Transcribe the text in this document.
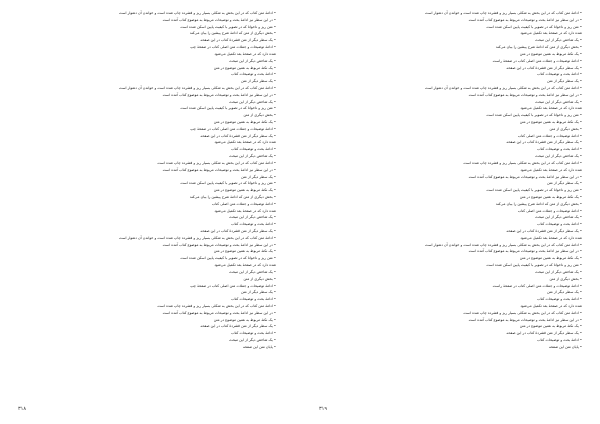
• ادامهٔ متن کتاب که در این بخش به شکلی بسیار ریز و فشرده چاپ شده است و خواندن آن دشوار است
• در این سطر نیز ادامهٔ بحث و توضیحات مربوط به موضوع کتاب آمده است
• متن ریز و ناخوانا که در تصویر با کیفیت پایین اسکن شده است
• بخش دیگری از متن که ادامهٔ شرح پیشین را بیان می‌کند
• یک سطر دیگر از متن فشردهٔ کتاب در این صفحه
• ادامهٔ توضیحات و جملات متن اصلی کتاب در صفحهٔ چپ
شده دارد که در صفحهٔ بعد تکمیل می‌شود
• یک شاخص دیگر از این مبحث
• یک نکتهٔ مربوط به همین موضوع در متن
• ادامهٔ بحث و توضیحات کتاب
• یک سطر دیگر از متن
• ادامهٔ متن کتاب که در این بخش به شکلی بسیار ریز و فشرده چاپ شده است و خواندن آن دشوار است
• در این سطر نیز ادامهٔ بحث و توضیحات مربوط به موضوع کتاب آمده است
• یک شاخص دیگر از این مبحث
• متن ریز و ناخوانا که در تصویر با کیفیت پایین اسکن شده است
• بخش دیگری از متن
• یک نکتهٔ مربوط به همین موضوع در متن
• ادامهٔ توضیحات و جملات متن اصلی کتاب در صفحهٔ چپ
• یک سطر دیگر از متن فشردهٔ کتاب در این صفحه
شده دارد که در صفحهٔ بعد تکمیل می‌شود
• ادامهٔ بحث و توضیحات کتاب
• یک شاخص دیگر از این مبحث
• ادامهٔ متن کتاب که در این بخش به شکلی بسیار ریز و فشرده چاپ شده است
• در این سطر نیز ادامهٔ بحث و توضیحات مربوط به موضوع کتاب آمده است
• یک سطر دیگر از متن
• متن ریز و ناخوانا که در تصویر با کیفیت پایین اسکن شده است
• یک نکتهٔ مربوط به همین موضوع در متن
• بخش دیگری از متن که ادامهٔ شرح پیشین را بیان می‌کند
• ادامهٔ توضیحات و جملات متن اصلی کتاب
شده دارد که در صفحهٔ بعد تکمیل می‌شود
• یک شاخص دیگر از این مبحث
• ادامهٔ بحث و توضیحات کتاب
• یک سطر دیگر از متن فشردهٔ کتاب در این صفحه
• ادامهٔ متن کتاب که در این بخش به شکلی بسیار ریز و فشرده چاپ شده است و خواندن آن دشوار است
• در این سطر نیز ادامهٔ بحث و توضیحات مربوط به موضوع کتاب آمده است
• یک نکتهٔ مربوط به همین موضوع در متن
• متن ریز و ناخوانا که در تصویر با کیفیت پایین اسکن شده است
شده دارد که در صفحهٔ بعد تکمیل می‌شود
• یک شاخص دیگر از این مبحث
• بخش دیگری از متن
• ادامهٔ توضیحات و جملات متن اصلی کتاب در صفحهٔ چپ
• یک سطر دیگر از متن
• ادامهٔ بحث و توضیحات کتاب
• ادامهٔ متن کتاب که در این بخش به شکلی بسیار ریز و فشرده چاپ شده است
• در این سطر نیز ادامهٔ بحث و توضیحات مربوط به موضوع کتاب آمده است
• یک نکتهٔ مربوط به همین موضوع در متن
• یک سطر دیگر از متن فشردهٔ کتاب در این صفحه
• ادامهٔ بحث و توضیحات کتاب
• یک شاخص دیگر از این مبحث
• پایان متن این صفحه
۳۱۸
• ادامهٔ متن کتاب که در این بخش به شکلی بسیار ریز و فشرده چاپ شده است و خواندن آن دشوار است
• در این سطر نیز ادامهٔ بحث و توضیحات مربوط به موضوع کتاب آمده است
• متن ریز و ناخوانا که در تصویر با کیفیت پایین اسکن شده است
شده دارد که در صفحهٔ بعد تکمیل می‌شود
• یک شاخص دیگر از این مبحث
• بخش دیگری از متن که ادامهٔ شرح پیشین را بیان می‌کند
• یک نکتهٔ مربوط به همین موضوع در متن
• ادامهٔ توضیحات و جملات متن اصلی کتاب در صفحهٔ راست
• یک سطر دیگر از متن فشردهٔ کتاب در این صفحه
• ادامهٔ بحث و توضیحات کتاب
• یک سطر دیگر از متن
• ادامهٔ متن کتاب که در این بخش به شکلی بسیار ریز و فشرده چاپ شده است و خواندن آن دشوار است
• در این سطر نیز ادامهٔ بحث و توضیحات مربوط به موضوع کتاب آمده است
• یک شاخص دیگر از این مبحث
شده دارد که در صفحهٔ بعد تکمیل می‌شود
• متن ریز و ناخوانا که در تصویر با کیفیت پایین اسکن شده است
• یک نکتهٔ مربوط به همین موضوع در متن
• بخش دیگری از متن
• ادامهٔ توضیحات و جملات متن اصلی کتاب
• یک سطر دیگر از متن فشردهٔ کتاب در این صفحه
• ادامهٔ بحث و توضیحات کتاب
• یک شاخص دیگر از این مبحث
• ادامهٔ متن کتاب که در این بخش به شکلی بسیار ریز و فشرده چاپ شده است
شده دارد که در صفحهٔ بعد تکمیل می‌شود
• در این سطر نیز ادامهٔ بحث و توضیحات مربوط به موضوع کتاب آمده است
• یک سطر دیگر از متن
• متن ریز و ناخوانا که در تصویر با کیفیت پایین اسکن شده است
• یک نکتهٔ مربوط به همین موضوع در متن
• بخش دیگری از متن که ادامهٔ شرح پیشین را بیان می‌کند
• ادامهٔ توضیحات و جملات متن اصلی کتاب
• یک شاخص دیگر از این مبحث
• ادامهٔ بحث و توضیحات کتاب
• یک سطر دیگر از متن فشردهٔ کتاب در این صفحه
شده دارد که در صفحهٔ بعد تکمیل می‌شود
• ادامهٔ متن کتاب که در این بخش به شکلی بسیار ریز و فشرده چاپ شده است و خواندن آن دشوار است
• در این سطر نیز ادامهٔ بحث و توضیحات مربوط به موضوع کتاب آمده است
• یک نکتهٔ مربوط به همین موضوع در متن
• متن ریز و ناخوانا که در تصویر با کیفیت پایین اسکن شده است
• یک شاخص دیگر از این مبحث
• بخش دیگری از متن
• ادامهٔ توضیحات و جملات متن اصلی کتاب در صفحهٔ راست
• یک سطر دیگر از متن
• ادامهٔ بحث و توضیحات کتاب
شده دارد که در صفحهٔ بعد تکمیل می‌شود
• ادامهٔ متن کتاب که در این بخش به شکلی بسیار ریز و فشرده چاپ شده است
• در این سطر نیز ادامهٔ بحث و توضیحات مربوط به موضوع کتاب آمده است
• یک نکتهٔ مربوط به همین موضوع در متن
• یک سطر دیگر از متن فشردهٔ کتاب در این صفحه
• ادامهٔ بحث و توضیحات کتاب
• پایان متن این صفحه
۳۱۹
